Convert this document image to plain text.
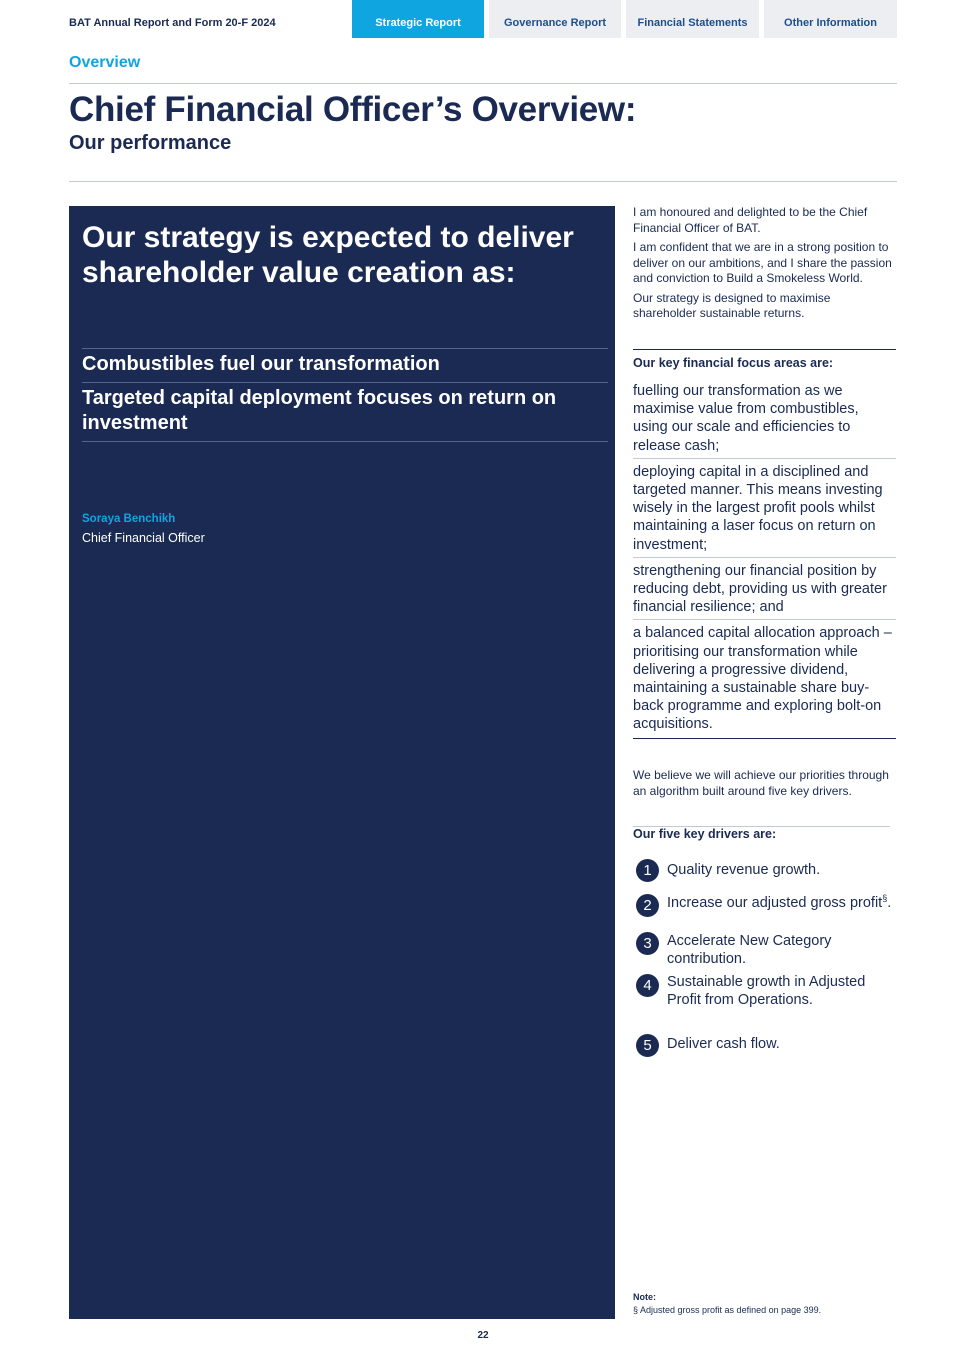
BAT Annual Report and Form 20-F 2024	Strategic Report	Governance Report	Financial Statements	Other Information
Overview
Chief Financial Officer’s Overview:
Our performance
Our strategy is expected to deliver shareholder value creation as:
Combustibles fuel our transformation
Targeted capital deployment focuses on return on investment
Soraya Benchikh
Chief Financial Officer

I am honoured and delighted to be the Chief Financial Officer of BAT.

I am confident that we are in a strong position to deliver on our ambitions, and I share the passion and conviction to Build a Smokeless World.

Our strategy is designed to maximise shareholder sustainable returns.

Our key financial focus areas are:
fuelling our transformation as we maximise value from combustibles, using our scale and efficiencies to release cash;
deploying capital in a disciplined and targeted manner. This means investing wisely in the largest profit pools whilst maintaining a laser focus on return on investment;
strengthening our financial position by reducing debt, providing us with greater financial resilience; and
a balanced capital allocation approach – prioritising our transformation while delivering a progressive dividend, maintaining a sustainable share buy-back programme and exploring bolt-on acquisitions.
We believe we will achieve our priorities through an algorithm built around five key drivers.
Our five key drivers are:
1	Quality revenue growth.
2	Increase our adjusted gross profit§.
3	Accelerate New Category contribution.
4	Sustainable growth in Adjusted Profit from Operations.
5	Deliver cash flow.
Note:
§ Adjusted gross profit as defined on page 399.
22
